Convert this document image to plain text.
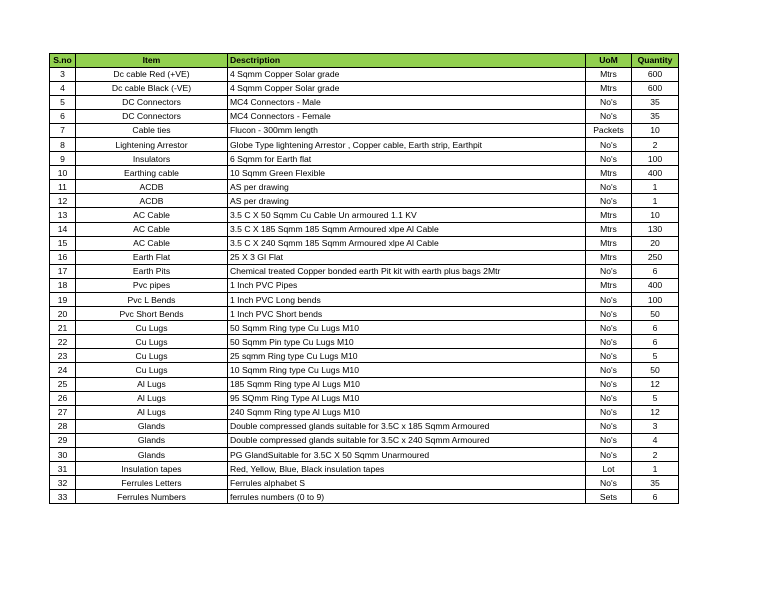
S.no	Item	Desctription	UoM	Quantity
3	Dc cable Red (+VE)	4 Sqmm Copper Solar grade	Mtrs	600
4	Dc cable Black (-VE)	4 Sqmm Copper Solar grade	Mtrs	600
5	DC Connectors	MC4 Connectors - Male	No's	35
6	DC Connectors	MC4 Connectors - Female	No's	35
7	Cable ties	Flucon - 300mm length	Packets	10
8	Lightening Arrestor	Globe Type lightening Arrestor , Copper cable, Earth strip, Earthpit	No's	2
9	Insulators	6 Sqmm for Earth flat	No's	100
10	Earthing cable	10 Sqmm Green Flexible	Mtrs	400
11	ACDB	AS per drawing	No's	1
12	ACDB	AS per drawing	No's	1
13	AC Cable	3.5 C X 50 Sqmm Cu Cable Un armoured 1.1 KV	Mtrs	10
14	AC Cable	3.5 C X 185 Sqmm 185 Sqmm Armoured xlpe Al Cable	Mtrs	130
15	AC Cable	3.5 C X 240 Sqmm 185 Sqmm Armoured xlpe Al Cable	Mtrs	20
16	Earth Flat	25 X 3 GI Flat	Mtrs	250
17	Earth Pits	Chemical treated Copper bonded earth Pit kit with earth plus bags 2Mtr	No's	6
18	Pvc pipes	1 Inch PVC Pipes	Mtrs	400
19	Pvc L Bends	1 Inch PVC Long bends	No's	100
20	Pvc Short Bends	1 Inch PVC Short bends	No's	50
21	Cu Lugs	50 Sqmm Ring type Cu Lugs M10	No's	6
22	Cu Lugs	50 Sqmm Pin type Cu Lugs M10	No's	6
23	Cu Lugs	25 sqmm Ring type Cu Lugs M10	No's	5
24	Cu Lugs	10 Sqmm Ring type Cu Lugs M10	No's	50
25	Al Lugs	185 Sqmm Ring type Al Lugs M10	No's	12
26	Al Lugs	95 SQmm Ring Type Al Lugs M10	No's	5
27	Al Lugs	240 Sqmm Ring type Al Lugs M10	No's	12
28	Glands	Double compressed glands suitable for 3.5C x 185 Sqmm Armoured	No's	3
29	Glands	Double compressed glands suitable for 3.5C x 240 Sqmm Armoured	No's	4
30	Glands	PG GlandSuitable for 3.5C X 50 Sqmm Unarmoured	No's	2
31	Insulation tapes	Red, Yellow, Blue, Black insulation tapes	Lot	1
32	Ferrules Letters	Ferrules alphabet S	No's	35
33	Ferrules Numbers	ferrules numbers (0 to 9)	Sets	6
